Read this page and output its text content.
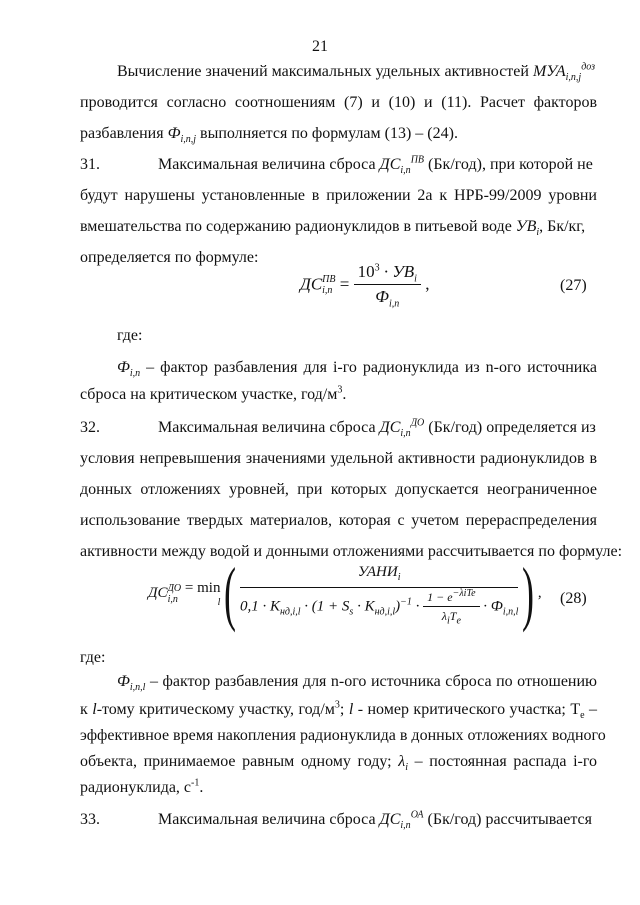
21
Вычисление значений максимальных удельных активностей $МУА_{i,n,j}^{доз}$
проводится согласно соотношениям (7) и (10) и (11). Расчет факторов
разбавления $Ф_{i,n,j}$ выполняется по формулам (13) – (24).
31.	Максимальная величина сброса $ДС_{i,n}^{ПВ}$ (Бк/год), при которой не
будут нарушены установленные в приложении 2а к НРБ-99/2009 уровни
вмешательства по содержанию радионуклидов в питьевой воде $УВ_i$, Бк/кг,
определяется по формуле:
ДС ПВ
$i,n = \frac{10^3 \cdot УВ_i}{Ф_{i,n}}$ ,	(27)
где:
$Ф_{i,n}$ – фактор разбавления для i-го радионуклида из n-ого источника
сброса на критическом участке, год/$м^3$.
32.	Максимальная величина сброса $ДС_{i,n}^{ДО}$ (Бк/год) определяется из
условия непревышения значениями удельной активности радионуклидов в
донных отложениях уровней, при которых допускается неограниченное
использование твердых материалов, которая с учетом перераспределения
активности между водой и донными отложениями рассчитывается по формуле:
ДС ДО
i,n
= min
l (	$УАНИ_i$
$0,1 \cdot K_{нд,i,l} \cdot (1 + S_s \cdot K_{нд,i,l})^{-1} \cdot \frac{1 - e^{-\lambda iTe}}{\lambda_iT_e} \cdot Ф_{i,n,l}$ ) , (28)
где:
$Ф_{i,n,l}$ – фактор разбавления для n-ого источника сброса по отношению
к l-тому критическому участку, год/$м^3$; l - номер критического участка; $T_e$ –
эффективное время накопления радионуклида в донных отложениях водного
объекта, принимаемое равным одному году; $\lambda_i$ – постоянная распада i-го
радионуклида, $с^{-1}$.
33.	Максимальная величина сброса $ДС_{i,n}^{ОА}$ (Бк/год) рассчитывается
